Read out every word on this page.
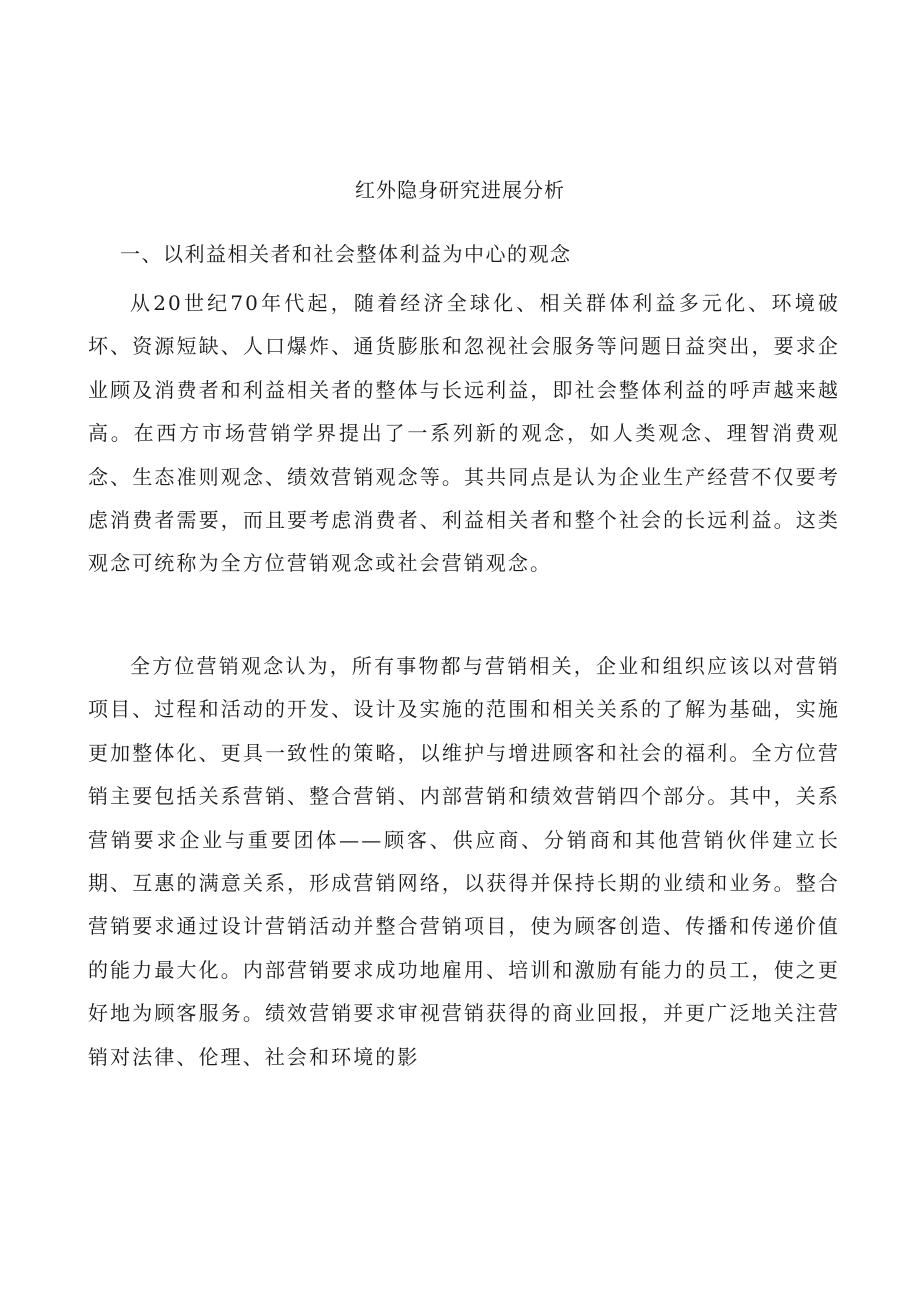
红外隐身研究进展分析
一、以利益相关者和社会整体利益为中心的观念

从20世纪70年代起，随着经济全球化、相关群体利益多元化、环境破坏、资源短缺、人口爆炸、通货膨胀和忽视社会服务等问题日益突出，要求企业顾及消费者和利益相关者的整体与长远利益，即社会整体利益的呼声越来越高。在西方市场营销学界提出了一系列新的观念，如人类观念、理智消费观念、生态准则观念、绩效营销观念等。其共同点是认为企业生产经营不仅要考虑消费者需要，而且要考虑消费者、利益相关者和整个社会的长远利益。这类观念可统称为全方位营销观念或社会营销观念。

全方位营销观念认为，所有事物都与营销相关，企业和组织应该以对营销项目、过程和活动的开发、设计及实施的范围和相关关系的了解为基础，实施更加整体化、更具一致性的策略，以维护与增进顾客和社会的福利。全方位营销主要包括关系营销、整合营销、内部营销和绩效营销四个部分。其中，关系营销要求企业与重要团体——顾客、供应商、分销商和其他营销伙伴建立长期、互惠的满意关系，形成营销网络，以获得并保持长期的业绩和业务。整合营销要求通过设计营销活动并整合营销项目，使为顾客创造、传播和传递价值的能力最大化。内部营销要求成功地雇用、培训和激励有能力的员工，使之更好地为顾客服务。绩效营销要求审视营销获得的商业回报，并更广泛地关注营销对法律、伦理、社会和环境的影
